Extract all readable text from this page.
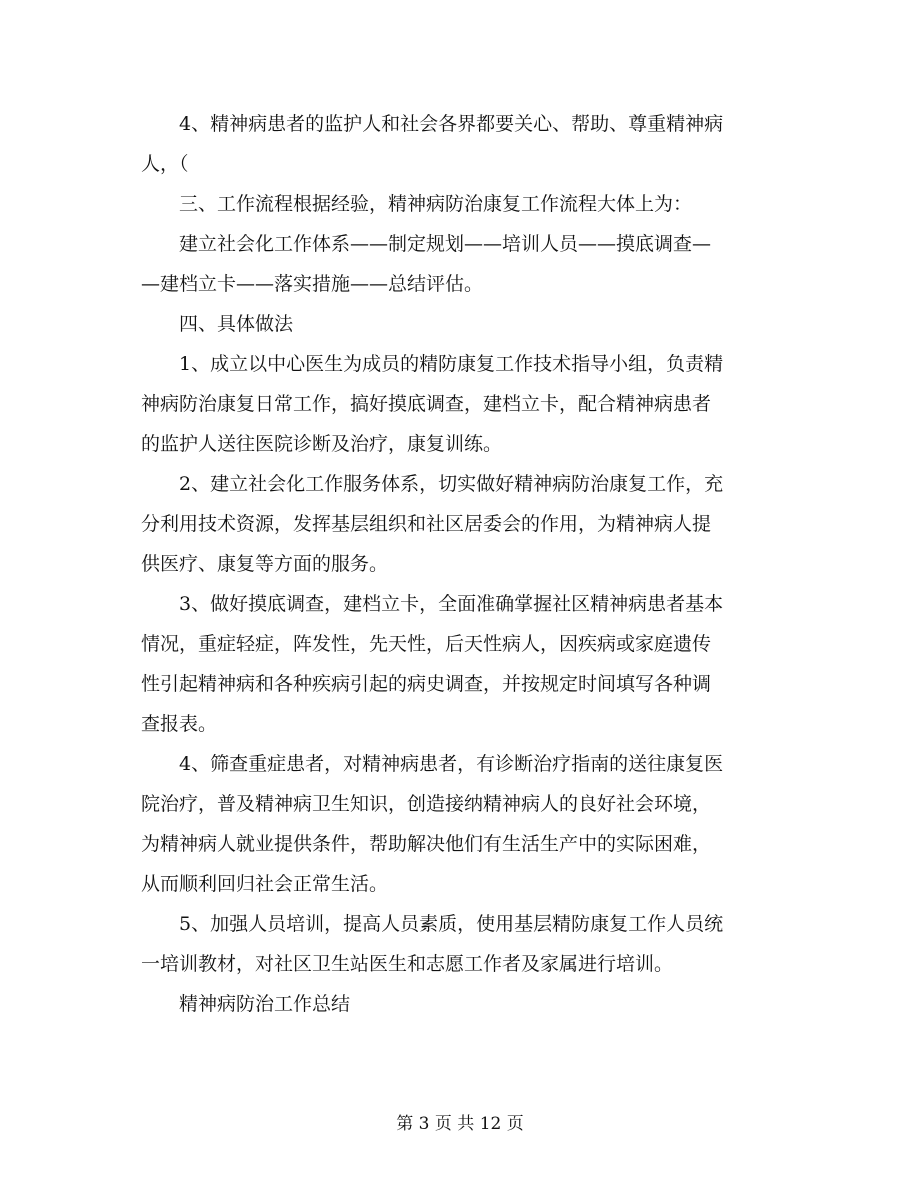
4、精神病患者的监护人和社会各界都要关心、帮助、尊重精神病
人，（
三、工作流程根据经验，精神病防治康复工作流程大体上为：
建立社会化工作体系——制定规划——培训人员——摸底调查—
—建档立卡——落实措施——总结评估。
四、具体做法
1、成立以中心医生为成员的精防康复工作技术指导小组，负责精
神病防治康复日常工作，搞好摸底调查，建档立卡，配合精神病患者
的监护人送往医院诊断及治疗，康复训练。
2、建立社会化工作服务体系，切实做好精神病防治康复工作，充
分利用技术资源，发挥基层组织和社区居委会的作用，为精神病人提
供医疗、康复等方面的服务。
3、做好摸底调查，建档立卡，全面准确掌握社区精神病患者基本
情况，重症轻症，阵发性，先天性，后天性病人，因疾病或家庭遗传
性引起精神病和各种疾病引起的病史调查，并按规定时间填写各种调
查报表。
4、筛查重症患者，对精神病患者，有诊断治疗指南的送往康复医
院治疗，普及精神病卫生知识，创造接纳精神病人的良好社会环境，
为精神病人就业提供条件，帮助解决他们有生活生产中的实际困难，
从而顺利回归社会正常生活。
5、加强人员培训，提高人员素质，使用基层精防康复工作人员统
一培训教材，对社区卫生站医生和志愿工作者及家属进行培训。
精神病防治工作总结
第 3 页 共 12 页
